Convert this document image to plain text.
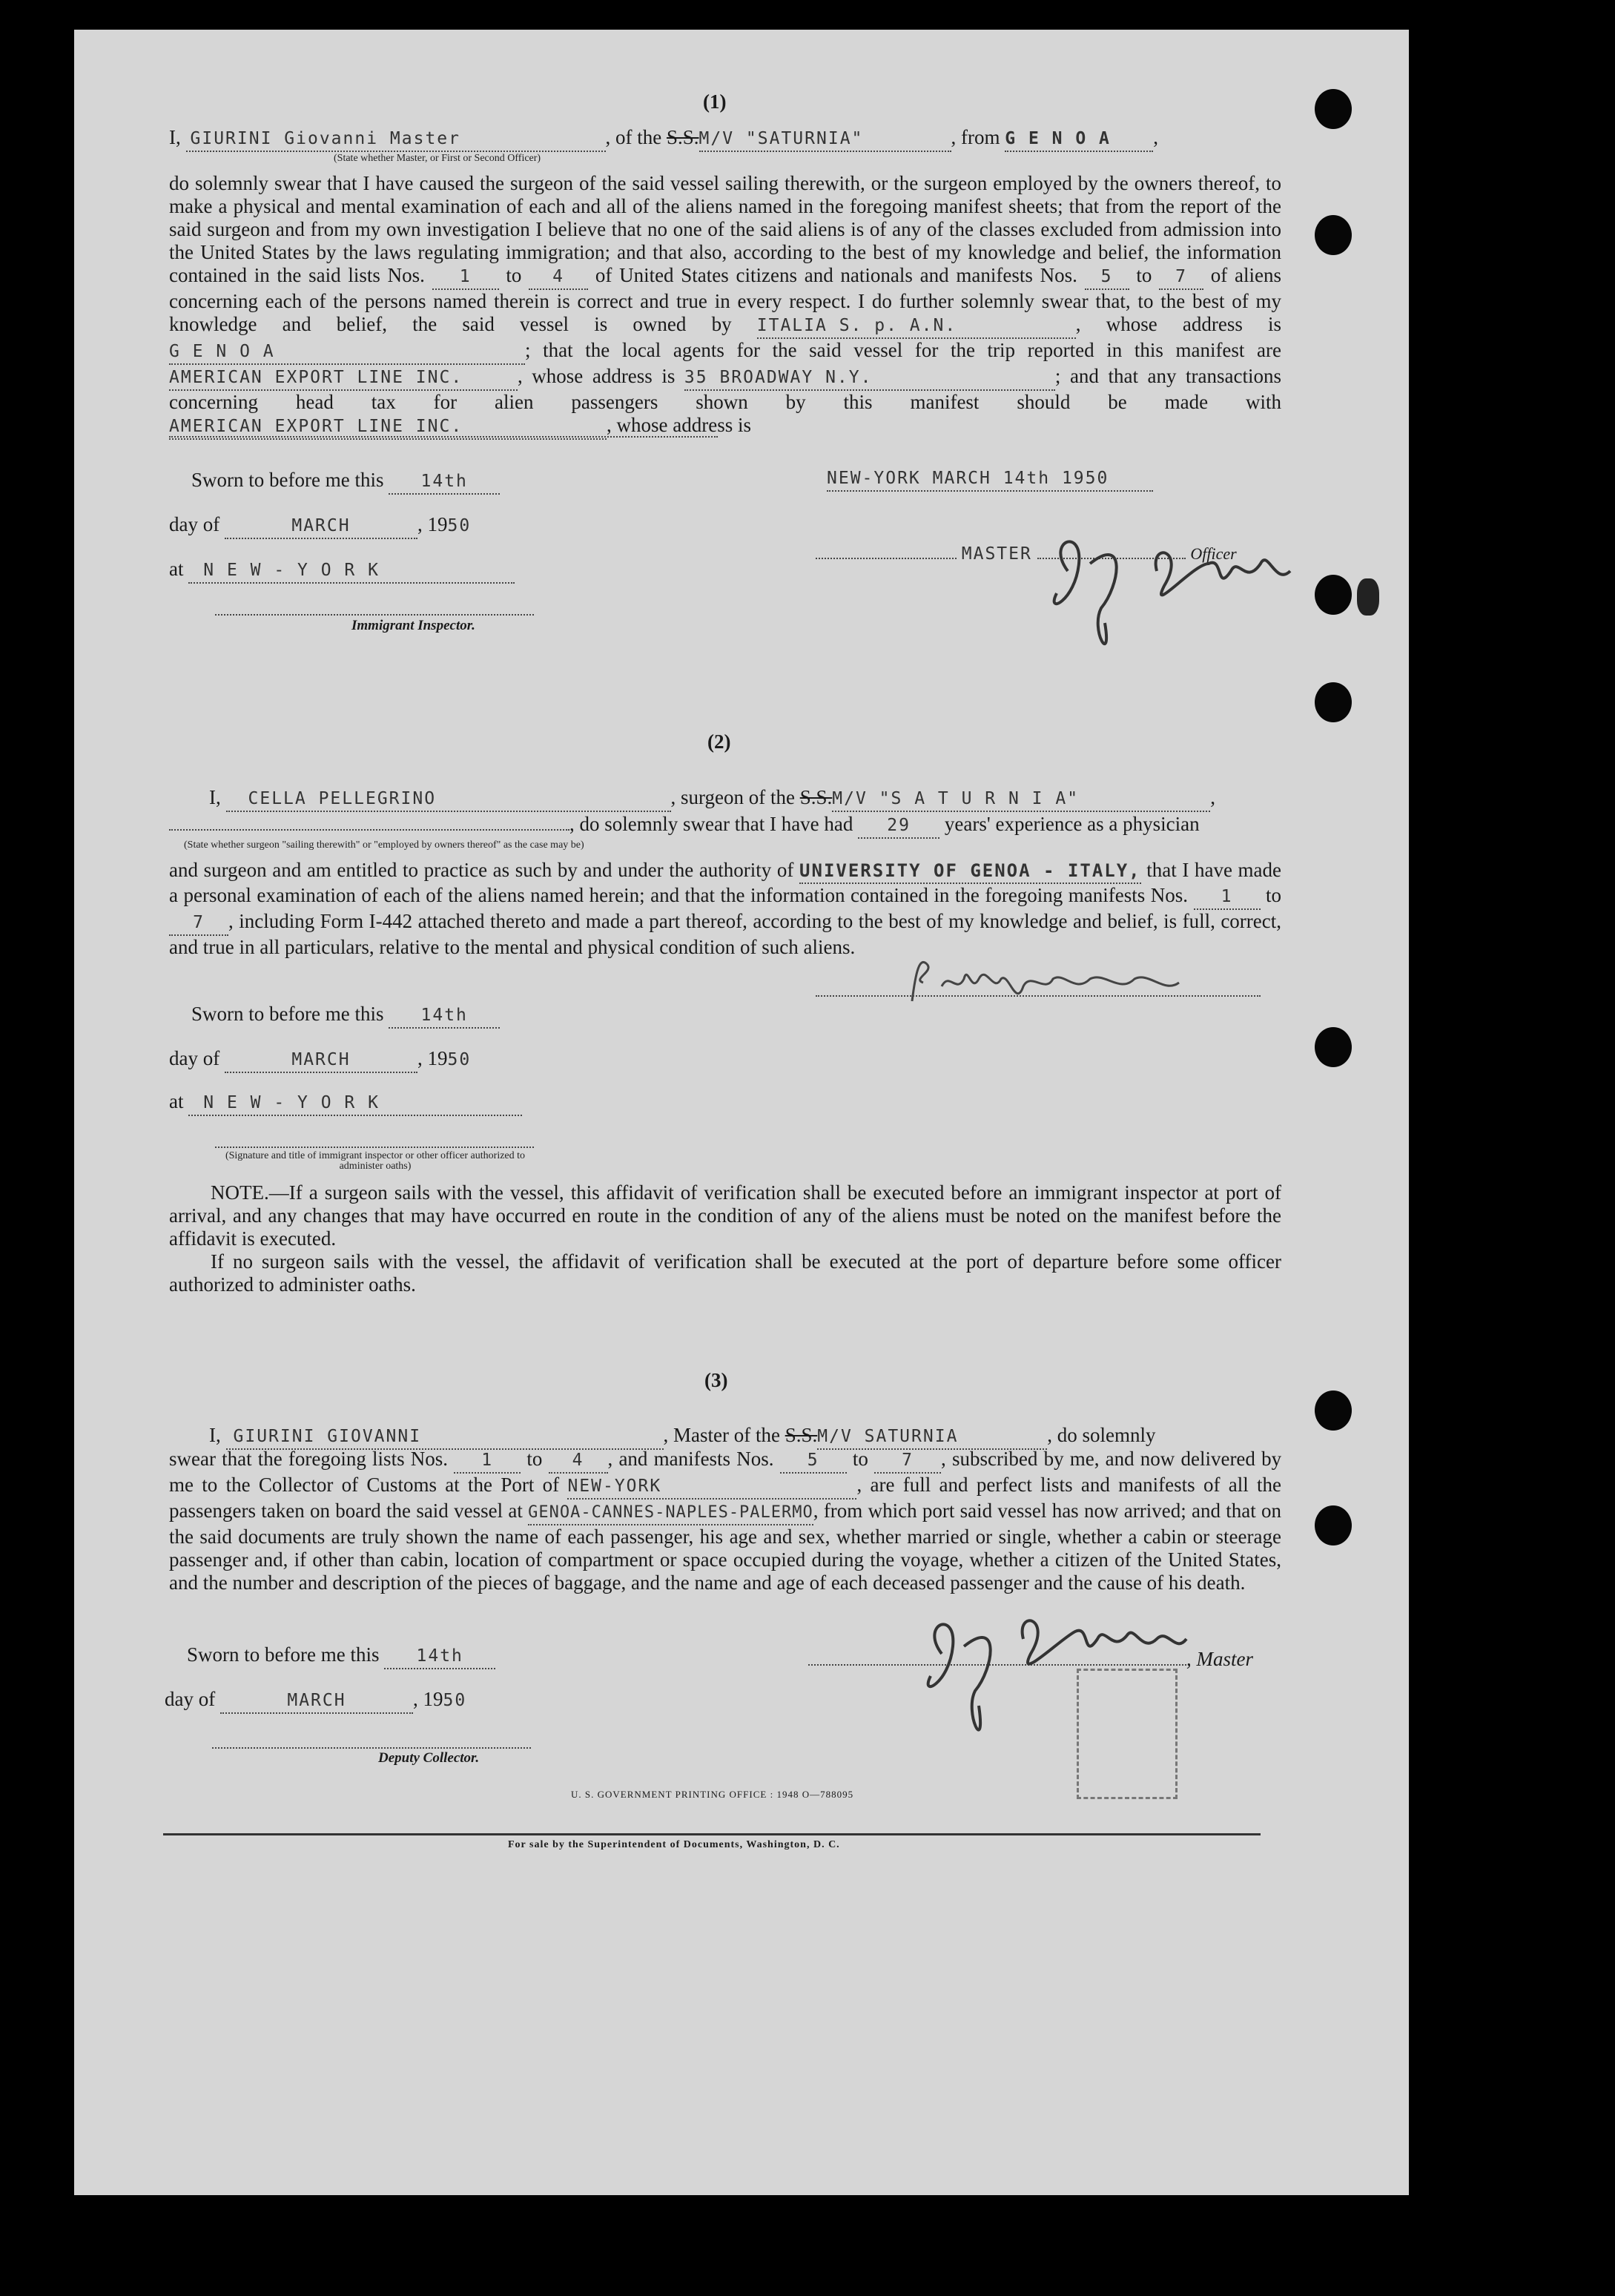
(1)
I, GIURINI Giovanni Master	, of the S.S.M/V "SATURNIA"	, from G E N O A ,
(State whether Master, or First or Second Officer)
do solemnly swear that I have caused the surgeon of the said vessel sailing therewith, or the surgeon employed by the owners thereof, to make a physical and mental examination of each and all of the aliens named in the foregoing manifest sheets; that from the report of the said surgeon and from my own investigation I believe that no one of the said aliens is of any of the classes excluded from admission into the United States by the laws regulating immigration; and that also, according to the best of my knowledge and belief, the information contained in the said lists Nos. 1 to 4 of United States citizens and nationals and manifests Nos. 5 to 7 of aliens concerning each of the persons named therein is correct and true in every respect. I do further solemnly swear that, to the best of my knowledge and belief, the said vessel is owned by ITALIA S. p. A.N.	, whose address is G E N O A	; that the local agents for the said vessel for the trip reported in this manifest are AMERICAN EXPORT LINE INC.	, whose address is 35 BROADWAY N.Y.	; and that any transactions concerning head tax for alien passengers shown by this manifest should be made with AMERICAN EXPORT LINE INC.	, whose address is
Sworn to before me this 14th
day of	MARCH	, 1950
at N E W - Y O R K
Immigrant Inspector.
NEW-YORK MARCH 14th 1950
MASTER	Officer
(2)
I, CELLA PELLEGRINO	, surgeon of the S.S.M/V "S A T U R N I A"	,
, do solemnly swear that I have had 29 years' experience as a physician
(State whether surgeon "sailing therewith" or "employed by owners thereof" as the case may be)
and surgeon and am entitled to practice as such by and under the authority of UNIVERSITY OF GENOA - ITALY, that I have made a personal examination of each of the aliens named herein; and that the information contained in the foregoing manifests Nos. 1 to 7 , including Form I-442 attached thereto and made a part thereof, according to the best of my knowledge and belief, is full, correct, and true in all particulars, relative to the mental and physical condition of such aliens.
Sworn to before me this 14th
day of	MARCH	, 1950
at N E W - Y O R K
(Signature and title of immigrant inspector or other officer authorized to administer oaths)
NOTE.—If a surgeon sails with the vessel, this affidavit of verification shall be executed before an immigrant inspector at port of arrival, and any changes that may have occurred en route in the condition of any of the aliens must be noted on the manifest before the affidavit is executed.
If no surgeon sails with the vessel, the affidavit of verification shall be executed at the port of departure before some officer authorized to administer oaths.
(3)
I, GIURINI GIOVANNI	, Master of the S.S.M/V SATURNIA	, do solemnly
swear that the foregoing lists Nos. 1 to 4 , and manifests Nos. 5 to 7 , subscribed by me, and now delivered by me to the Collector of Customs at the Port of NEW-YORK	, are full and perfect lists and manifests of all the passengers taken on board the said vessel at GENOA-CANNES-NAPLES-PALERMO, from which port said vessel has now arrived; and that on the said documents are truly shown the name of each passenger, his age and sex, whether married or single, whether a cabin or steerage passenger and, if other than cabin, location of compartment or space occupied during the voyage, whether a citizen of the United States, and the number and description of the pieces of baggage, and the name and age of each deceased passenger and the cause of his death.
Sworn to before me this 14th
day of	MARCH	, 1950
Deputy Collector.
, Master
U. S. GOVERNMENT PRINTING OFFICE : 1948 O—788095
For sale by the Superintendent of Documents, Washington, D. C.
